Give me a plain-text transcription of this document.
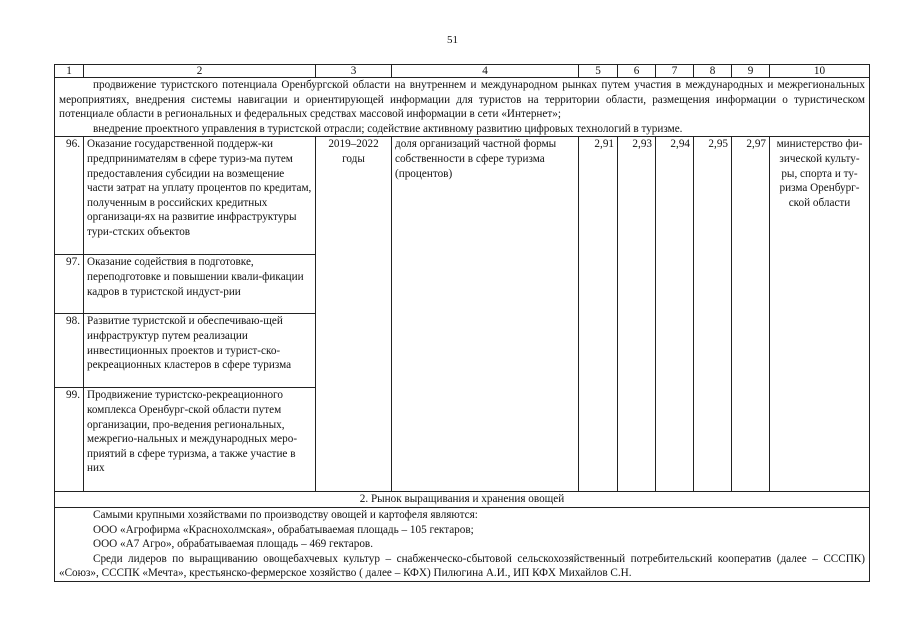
51
1	2	3	4	5	6	7	8	9	10

продвижение туристского потенциала Оренбургской области на внутреннем и международном рынках путем участия в международных и межрегиональных мероприятиях, внедрения системы навигации и ориентирующей информации для туристов на территории области, размещения информации о туристическом потенциале области в региональных и федеральных средствах массовой информации в сети «Интернет»;

внедрение проектного управления в туристской отрасли; содействие активному развитию цифровых технологий в туризме.									

96.	Оказание государственной поддерж-ки предпринимателям в сфере туриз-ма путем предоставления субсидии на возмещение части затрат на уплату процентов по кредитам, полученным в российских кредитных организаци-ях на развитие инфраструктуры тури-стских объектов	2019–2022 годы	доля организаций частной формы собственности в сфере туризма (процентов)	2,91	2,93	2,94	2,95	2,97	министерство фи-зической культу-ры, спорта и ту-ризма Оренбург-ской области
97.	Оказание содействия в подготовке, переподготовке и повышении квали-фикации кадров в туристской индуст-рии								
98.	Развитие туристской и обеспечиваю-щей инфраструктур путем реализации инвестиционных проектов и турист-ско-рекреационных кластеров в сфере туризма								
99.	Продвижение туристско-рекреационного комплекса Оренбург-ской области путем организации, про-ведения региональных, межрегио-нальных и международных меро-приятий в сфере туризма, а также участие в них								
2. Рынок выращивания и хранения овощей									

Самыми крупными хозяйствами по производству овощей и картофеля являются:

ООО «Агрофирма «Краснохолмская», обрабатываемая площадь – 105 гектаров;

ООО «А7 Агро», обрабатываемая площадь – 469 гектаров.

Среди лидеров по выращиванию овощебахчевых культур – снабженческо-сбытовой сельскохозяйственный потребительский кооператив (далее – СССПК) «Союз», СССПК «Мечта», крестьянско-фермерское хозяйство ( далее – КФХ) Пилюгина А.И., ИП КФХ Михайлов С.Н.									
